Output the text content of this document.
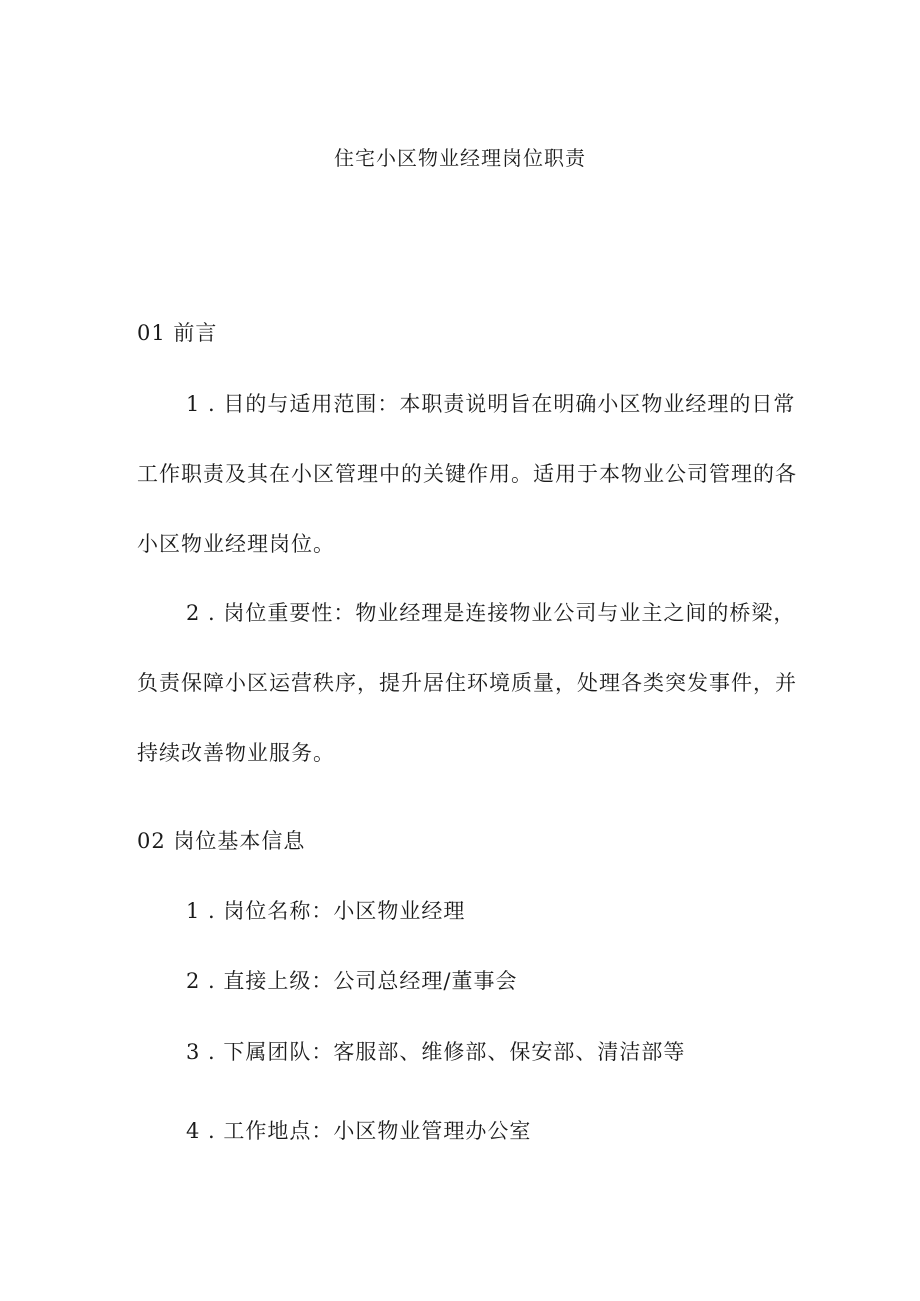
住宅小区物业经理岗位职责
01 前言
1 . 目的与适用范围：本职责说明旨在明确小区物业经理的日常
工作职责及其在小区管理中的关键作用。适用于本物业公司管理的各
小区物业经理岗位。
2 . 岗位重要性：物业经理是连接物业公司与业主之间的桥梁，
负责保障小区运营秩序，提升居住环境质量，处理各类突发事件，并
持续改善物业服务。
02 岗位基本信息
1 . 岗位名称：小区物业经理
2 . 直接上级：公司总经理/董事会
3 . 下属团队：客服部、维修部、保安部、清洁部等
4 . 工作地点：小区物业管理办公室
